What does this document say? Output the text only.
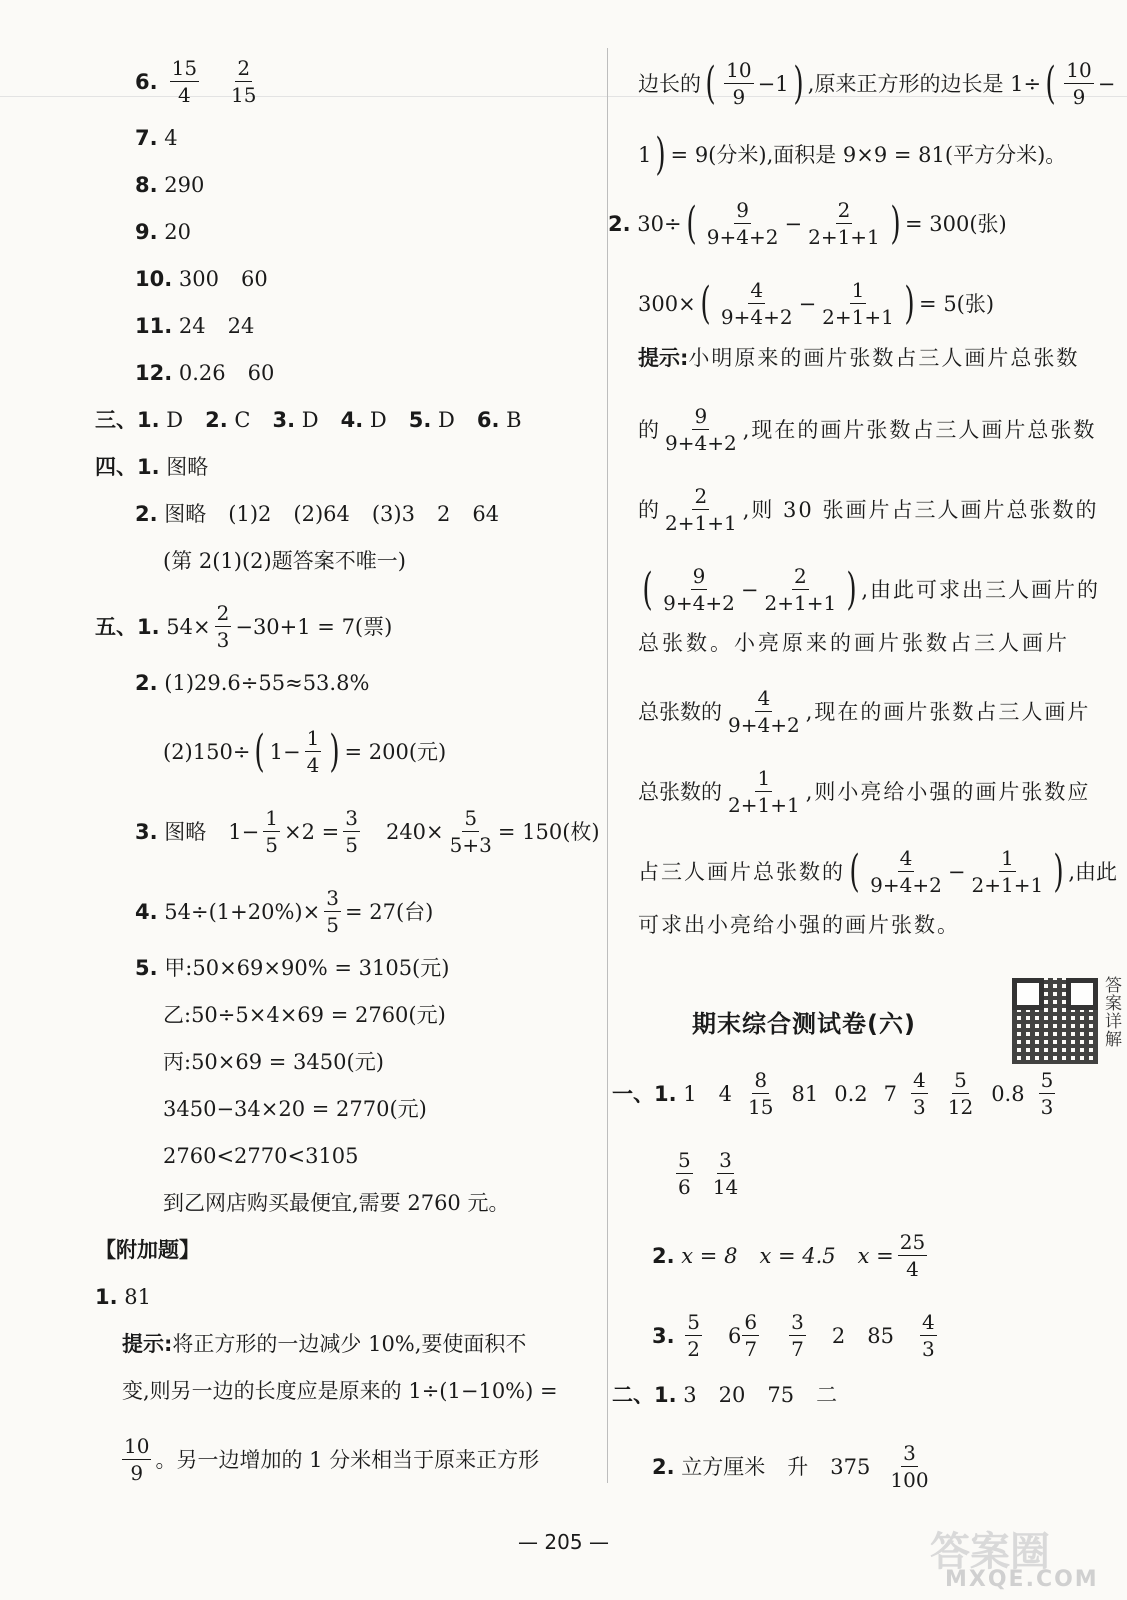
6. $\frac{15}{4} \frac{2}{15}$
7.
4
8.
290
9.
20
10.
300 60
11.
24 24
12.
0.26 60
三、 1.
D 2.
C 3.
D 4.
D 5.
D 6.
B
四、 1.
图略
2.
图略 (1)2 (2)64 (3)3 2 64
(第 2(1)(2)题答案不唯一)
五、 1.
$54\times \frac{2}{3} -30+1 = 7$(票)
2.
(1)29.6÷55≈53.8%
(2)150÷ ( $1- \frac{1}{4}$ ) = 200(元)
3.
图略 $1- \frac{1}{5} \times 2 = \frac{3}{5} 240\times \frac{5}{5+3} = 150$(枚)
4.
$54\div(1+20\%)\times \frac{3}{5} = 27$(台)
5.
甲:50×69×90% = 3105(元)
乙:50÷5×4×69 = 2760(元)
丙:50×69 = 3450(元)
3450−34×20 = 2770(元)
2760<2770<3105
到乙网店购买最便宜,需要 2760 元。
【附加题】
1.
81
提示: 将正方形的一边减少 10%,要使面积不
变,则另一边的长度应是原来的 1÷(1−10%) =
$\frac{10}{9}$ 。另一边增加的 1 分米相当于原来正方形
边长的 ( $\frac{10}{9} -1$ ) ,原来正方形的边长是 1÷ ( $\frac{10}{9}$ −
1 ) = 9(分米),面积是 9×9 = 81(平方分米)。
2.
30÷ ( $\frac{9}{9+4+2} - \frac{2}{2+1+1}$ ) = 300(张)
300× ( $\frac{4}{9+4+2} - \frac{1}{2+1+1}$ ) = 5(张)
提示: 小明原来的画片张数占三人画片总张数
的 $\frac{9}{9+4+2}$ ,现在的画片张数占三人画片总张数
的 $\frac{2}{2+1+1}$ ,则 30 张画片占三人画片总张数的
( $\frac{9}{9+4+2} - \frac{2}{2+1+1}$ ) ,由此可求出三人画片的
总张数。小亮原来的画片张数占三人画片
总张数的 $\frac{4}{9+4+2}$ ,现在的画片张数占三人画片
总张数的 $\frac{1}{2+1+1}$ ,则小亮给小强的画片张数应
占三人画片总张数的 ( $\frac{4}{9+4+2} - \frac{1}{2+1+1}$ ) ,由此
可求出小亮给小强的画片张数。
期末综合测试卷(六)	答案详解
一、 1.
1 $4 \frac{8}{15} 81$ 0.2 $7 \frac{4}{3} \frac{5}{12} 0.8 \frac{5}{3}$
$\frac{5}{6} \frac{3}{14}$
2.
x = 8 x = 4.5 $x = \frac{25}{4}$
3.
$\frac{5}{2} 6 \frac{6}{7} \frac{3}{7} 2$ $85 \frac{4}{3}$
二、 1.
3 20 75 二
2.
立方厘米 升 $375 \frac{3}{100}$
— 205 —	答案圈
MXQE.COM
